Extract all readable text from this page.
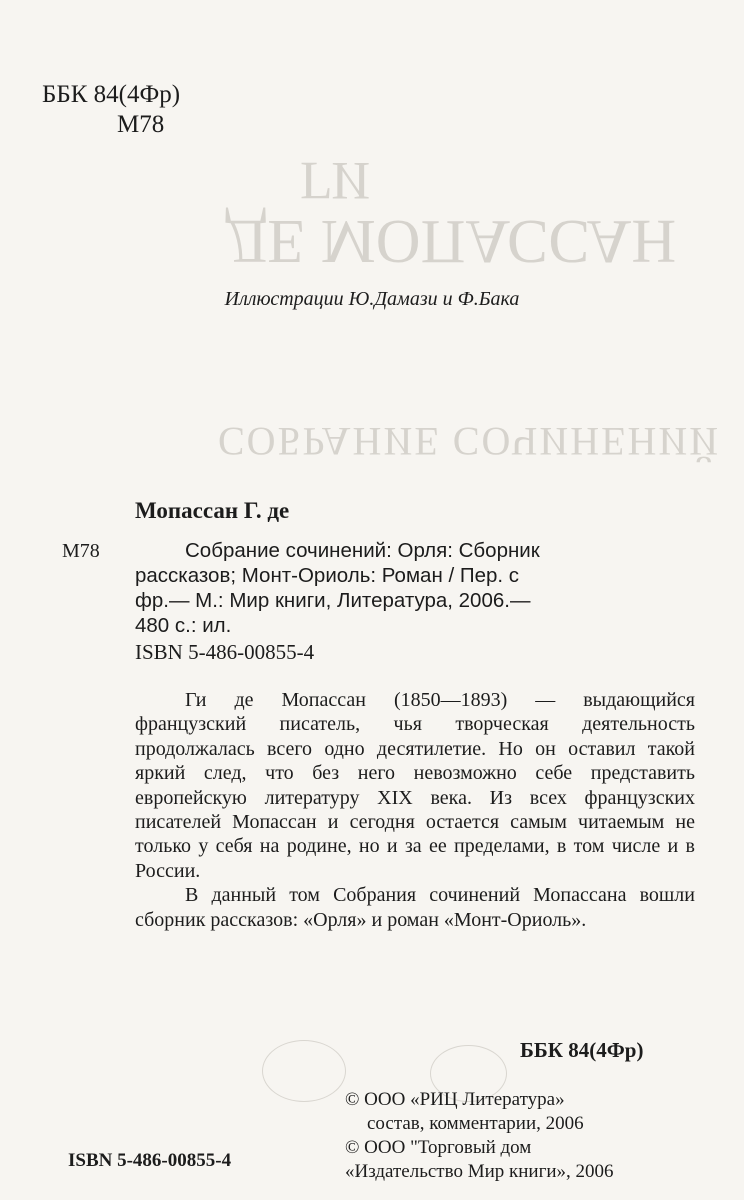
ГИ
ДЕ МОПАССАН
СОБРАНИЕ СОЧИНЕНИЙ
ББК 84(4Фр)
М78
Иллюстрации Ю.Дамази и Ф.Бака
Мопассан Г. де
М78	Собрание сочинений: Орля: Сборник
рассказов; Монт-Ориоль: Роман / Пер. с
фр.— М.: Мир книги, Литература, 2006.—
480 с.: ил.
ISBN 5-486-00855-4

Ги де Мопассан (1850—1893) — выдающийся французский писатель, чья творческая деятельность продолжалась всего одно десятилетие. Но он оставил такой яркий след, что без него невозможно себе представить европейскую литературу XIX века. Из всех французских писателей Мопассан и сегодня остается самым читаемым не только у себя на родине, но и за ее пределами, в том числе и в России.

В данный том Собрания сочинений Мопассана вошли сборник рассказов: «Орля» и роман «Монт-Ориоль».

ББК 84(4Фр)
© ООО «РИЦ Литература»
состав, комментарии, 2006
© ООО "Торговый дом
«Издательство Мир книги», 2006
ISBN 5-486-00855-4
